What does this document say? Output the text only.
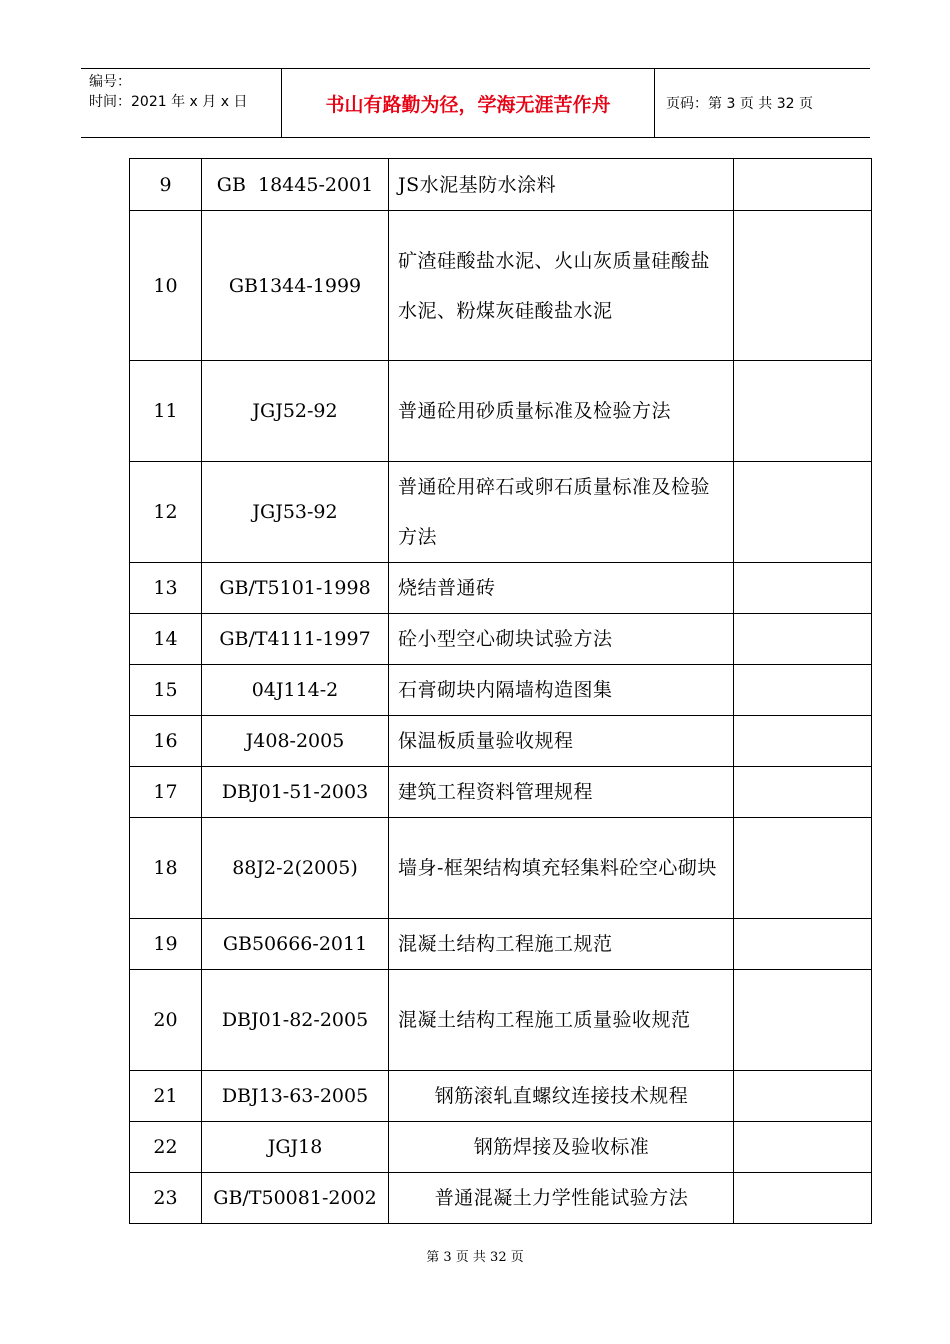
编号：
时间：2021 年 x 月 x 日	书山有路勤为径，学海无涯苦作舟	页码：第 3 页 共 32 页
9	GB  18445-2001	JS水泥基防水涂料	
10	GB1344-1999	矿渣硅酸盐水泥、火山灰质量硅酸盐水泥、粉煤灰硅酸盐水泥	
11	JGJ52-92	普通砼用砂质量标准及检验方法	
12	JGJ53-92	普通砼用碎石或卵石质量标准及检验方法	
13	GB/T5101-1998	烧结普通砖	
14	GB/T4111-1997	砼小型空心砌块试验方法	
15	04J114-2	石膏砌块内隔墙构造图集	
16	J408-2005	保温板质量验收规程	
17	DBJ01-51-2003	建筑工程资料管理规程	
18	88J2-2(2005)	墙身-框架结构填充轻集料砼空心砌块	
19	GB50666-2011	混凝土结构工程施工规范	
20	DBJ01-82-2005	混凝土结构工程施工质量验收规范	
21	DBJ13-63-2005	钢筋滚轧直螺纹连接技术规程	
22	JGJ18	钢筋焊接及验收标准	
23	GB/T50081-2002	普通混凝土力学性能试验方法	
第 3 页 共 32 页
